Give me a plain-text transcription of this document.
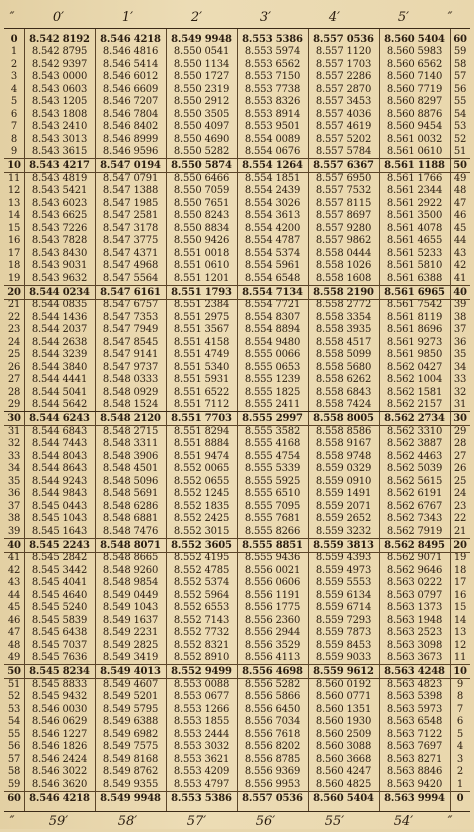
″	0′	1′	2′	3′	4′	5′	″
0	8.542 8192	8.546 4218	8.549 9948	8.553 5386	8.557 0536	8.560 5404 60
1	8.542 8795	8.546 4816	8.550 0541	8.553 5974	8.557 1120	8.560 5983	59
2	8.542 9397	8.546 5414	8.550 1134	8.553 6562	8.557 1703	8.560 6562	58
3	8.543 0000	8.546 6012	8.550 1727	8.553 7150	8.557 2286	8.560 7140	57
4	8.543 0603	8.546 6609	8.550 2319	8.553 7738	8.557 2870	8.560 7719	56
5	8.543 1205	8.546 7207	8.550 2912	8.553 8326	8.557 3453	8.560 8297	55
6	8.543 1808	8.546 7804	8.550 3505	8.553 8914	8.557 4036	8.560 8876	54
7	8.543 2410	8.546 8402	8.550 4097	8.553 9501	8.557 4619	8.560 9454	53
8	8.543 3013	8.546 8999	8.550 4690	8.554 0089	8.557 5202	8.561 0032	52
9	8.543 3615	8.546 9596	8.550 5282	8.554 0676	8.557 5784	8.561 0610	51
10 8.543 4217	8.547 0194	8.550 5874	8.554 1264	8.557 6367	8.561 1188 50
11	8.543 4819	8.547 0791	8.550 6466	8.554 1851	8.557 6950	8.561 1766	49
12	8.543 5421	8.547 1388	8.550 7059	8.554 2439	8.557 7532	8.561 2344	48
13	8.543 6023	8.547 1985	8.550 7651	8.554 3026	8.557 8115	8.561 2922	47
14	8.543 6625	8.547 2581	8.550 8243	8.554 3613	8.557 8697	8.561 3500	46
15	8.543 7226	8.547 3178	8.550 8834	8.554 4200	8.557 9280	8.561 4078	45
16	8.543 7828	8.547 3775	8.550 9426	8.554 4787	8.557 9862	8.561 4655	44
17	8.543 8430	8.547 4371	8.551 0018	8.554 5374	8.558 0444	8.561 5233	43
18	8.543 9031	8.547 4968	8.551 0610	8.554 5961	8.558 1026	8.561 5810	42
19	8.543 9632	8.547 5564	8.551 1201	8.554 6548	8.558 1608	8.561 6388	41
20 8.544 0234	8.547 6161	8.551 1793	8.554 7134	8.558 2190	8.561 6965 40
21	8.544 0835	8.547 6757	8.551 2384	8.554 7721	8.558 2772	8.561 7542	39
22	8.544 1436	8.547 7353	8.551 2975	8.554 8307	8.558 3354	8.561 8119	38
23	8.544 2037	8.547 7949	8.551 3567	8.554 8894	8.558 3935	8.561 8696	37
24	8.544 2638	8.547 8545	8.551 4158	8.554 9480	8.558 4517	8.561 9273	36
25	8.544 3239	8.547 9141	8.551 4749	8.555 0066	8.558 5099	8.561 9850	35
26	8.544 3840	8.547 9737	8.551 5340	8.555 0653	8.558 5680	8.562 0427	34
27	8.544 4441	8.548 0333	8.551 5931	8.555 1239	8.558 6262	8.562 1004	33
28	8.544 5041	8.548 0929	8.551 6522	8.555 1825	8.558 6843	8.562 1581	32
29	8.544 5642	8.548 1524	8.551 7112	8.555 2411	8.558 7424	8.562 2157	31
30 8.544 6243	8.548 2120	8.551 7703	8.555 2997	8.558 8005	8.562 2734 30
31	8.544 6843	8.548 2715	8.551 8294	8.555 3582	8.558 8586	8.562 3310	29
32	8.544 7443	8.548 3311	8.551 8884	8.555 4168	8.558 9167	8.562 3887	28
33	8.544 8043	8.548 3906	8.551 9474	8.555 4754	8.558 9748	8.562 4463	27
34	8.544 8643	8.548 4501	8.552 0065	8.555 5339	8.559 0329	8.562 5039	26
35	8.544 9243	8.548 5096	8.552 0655	8.555 5925	8.559 0910	8.562 5615	25
36	8.544 9843	8.548 5691	8.552 1245	8.555 6510	8.559 1491	8.562 6191	24
37	8.545 0443	8.548 6286	8.552 1835	8.555 7095	8.559 2071	8.562 6767	23
38	8.545 1043	8.548 6881	8.552 2425	8.555 7681	8.559 2652	8.562 7343	22
39	8.545 1643	8.548 7476	8.552 3015	8.555 8266	8.559 3232	8.562 7919	21
40 8.545 2243	8.548 8071	8.552 3605	8.555 8851	8.559 3813	8.562 8495 20
41	8.545 2842	8.548 8665	8.552 4195	8.555 9436	8.559 4393	8.562 9071	19
42	8.545 3442	8.548 9260	8.552 4785	8.556 0021	8.559 4973	8.562 9646	18
43	8.545 4041	8.548 9854	8.552 5374	8.556 0606	8.559 5553	8.563 0222	17
44	8.545 4640	8.549 0449	8.552 5964	8.556 1191	8.559 6134	8.563 0797	16
45	8.545 5240	8.549 1043	8.552 6553	8.556 1775	8.559 6714	8.563 1373	15
46	8.545 5839	8.549 1637	8.552 7143	8.556 2360	8.559 7293	8.563 1948	14
47	8.545 6438	8.549 2231	8.552 7732	8.556 2944	8.559 7873	8.563 2523	13
48	8.545 7037	8.549 2825	8.552 8321	8.556 3529	8.559 8453	8.563 3098	12
49	8.545 7636	8.549 3419	8.552 8910	8.556 4113	8.559 9033	8.563 3673	11
50 8.545 8234	8.549 4013	8.552 9499	8.556 4698	8.559 9612	8.563 4248 10
51	8.545 8833	8.549 4607	8.553 0088	8.556 5282	8.560 0192	8.563 4823	9
52	8.545 9432	8.549 5201	8.553 0677	8.556 5866	8.560 0771	8.563 5398	8
53	8.546 0030	8.549 5795	8.553 1266	8.556 6450	8.560 1351	8.563 5973	7
54	8.546 0629	8.549 6388	8.553 1855	8.556 7034	8.560 1930	8.563 6548	6
55	8.546 1227	8.549 6982	8.553 2444	8.556 7618	8.560 2509	8.563 7122	5
56	8.546 1826	8.549 7575	8.553 3032	8.556 8202	8.560 3088	8.563 7697	4
57	8.546 2424	8.549 8168	8.553 3621	8.556 8785	8.560 3668	8.563 8271	3
58	8.546 3022	8.549 8762	8.553 4209	8.556 9369	8.560 4247	8.563 8846	2
59	8.546 3620	8.549 9355	8.553 4797	8.556 9953	8.560 4825	8.563 9420	1
60 8.546 4218	8.549 9948	8.553 5386	8.557 0536	8.560 5404	8.563 9994	0
″	59′	58′	57′	56′	55′	54′	″
